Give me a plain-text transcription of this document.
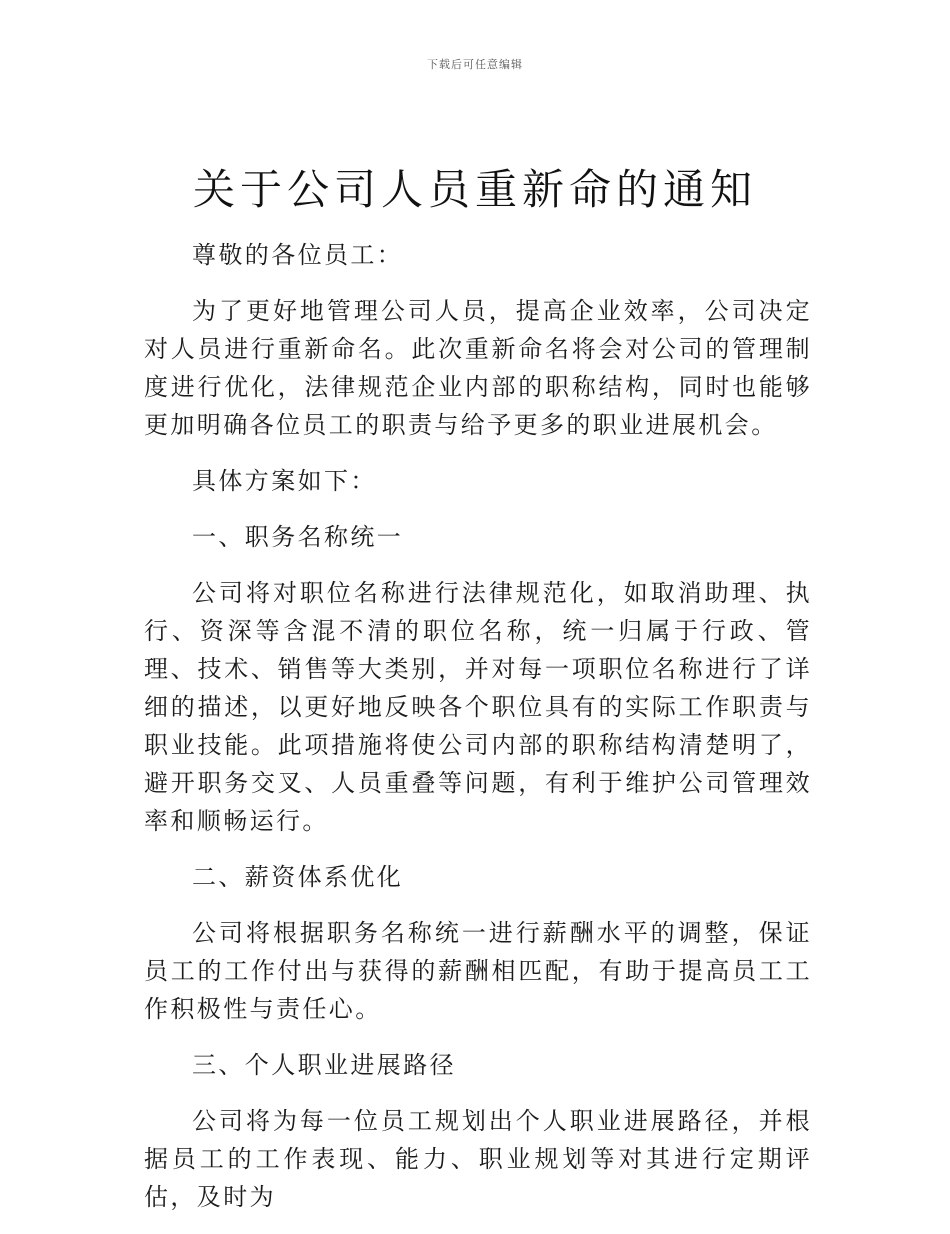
下载后可任意编辑
关于公司人员重新命的通知

尊敬的各位员工：

为了更好地管理公司人员，提高企业效率，公司决定对人员进行重新命名。此次重新命名将会对公司的管理制度进行优化，法律规范企业内部的职称结构，同时也能够更加明确各位员工的职责与给予更多的职业进展机会。

具体方案如下：

一、职务名称统一

公司将对职位名称进行法律规范化，如取消助理、执行、资深等含混不清的职位名称，统一归属于行政、管理、技术、销售等大类别，并对每一项职位名称进行了详细的描述，以更好地反映各个职位具有的实际工作职责与职业技能。此项措施将使公司内部的职称结构清楚明了，避开职务交叉、人员重叠等问题，有利于维护公司管理效率和顺畅运行。

二、薪资体系优化

公司将根据职务名称统一进行薪酬水平的调整，保证员工的工作付出与获得的薪酬相匹配，有助于提高员工工作积极性与责任心。

三、个人职业进展路径

公司将为每一位员工规划出个人职业进展路径，并根据员工的工作表现、能力、职业规划等对其进行定期评估，及时为
